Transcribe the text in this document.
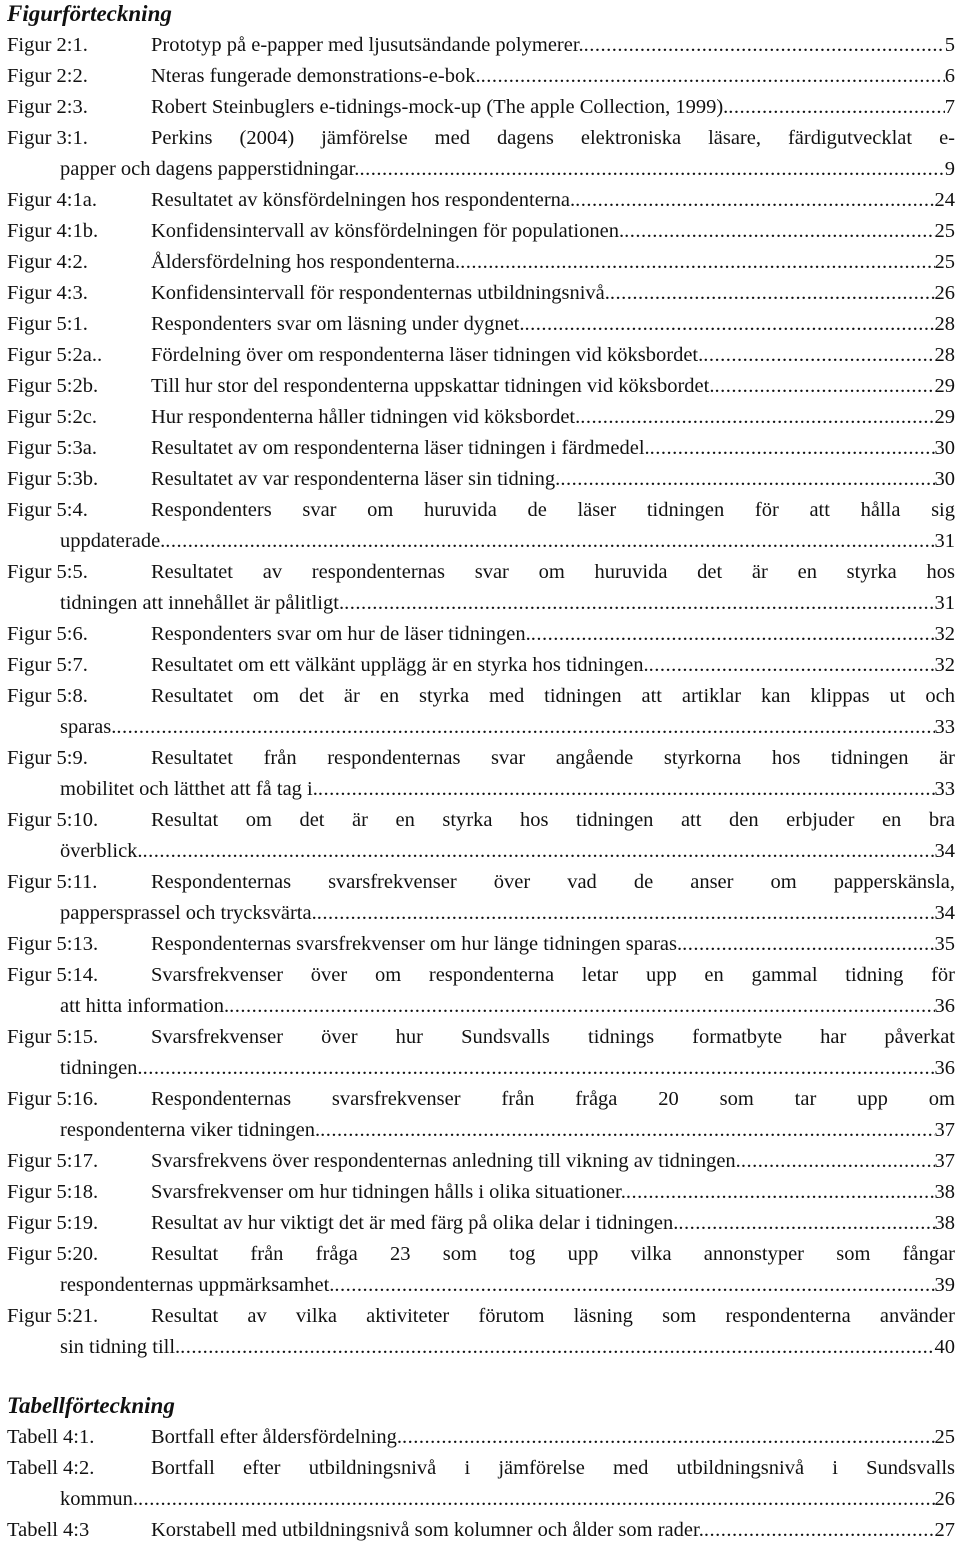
Figurförteckning
Figur 2:1.	Prototyp på e-papper med ljusutsändande polymerer. .....	5
Figur 2:2.	Nteras fungerade demonstrations-e-bok. .....	6
Figur 2:3.	Robert Steinbuglers e-tidnings-mock-up (The apple Collection, 1999). .....	7
Figur 3:1.	Perkins (2004) jämförelse med dagens elektroniska läsare, färdigutvecklat e-
papper och dagens papperstidningar. .....	9
Figur 4:1a.	Resultatet av könsfördelningen hos respondenterna. .....	24
Figur 4:1b.	Konfidensintervall av könsfördelningen för populationen. .....	25
Figur 4:2.	Åldersfördelning hos respondenterna. .....	25
Figur 4:3.	Konfidensintervall för respondenternas utbildningsnivå. .....	26
Figur 5:1.	Respondenters svar om läsning under dygnet. .....	28
Figur 5:2a.. Fördelning över om respondenterna läser tidningen vid köksbordet. .....	28
Figur 5:2b.	Till hur stor del respondenterna uppskattar tidningen vid köksbordet. .....	29
Figur 5:2c.	Hur respondenterna håller tidningen vid köksbordet. .....	29
Figur 5:3a.	Resultatet av om respondenterna läser tidningen i färdmedel. .....	30
Figur 5:3b.	Resultatet av var respondenterna läser sin tidning. .....	30
Figur 5:4.	Respondenters svar om huruvida de läser tidningen för att hålla sig
uppdaterade. .....	31
Figur 5:5.	Resultatet av respondenternas svar om huruvida det är en styrka hos
tidningen att innehållet är pålitligt. .....	31
Figur 5:6.	Respondenters svar om hur de läser tidningen. .....	32
Figur 5:7.	Resultatet om ett välkänt upplägg är en styrka hos tidningen. .....	32
Figur 5:8.	Resultatet om det är en styrka med tidningen att artiklar kan klippas ut och
sparas. .....	33
Figur 5:9.	Resultatet från respondenternas svar angående styrkorna hos tidningen är
mobilitet och lätthet att få tag i. .....	33
Figur 5:10.	Resultat om det är en styrka hos tidningen att den erbjuder en bra
överblick. .....	34
Figur 5:11.	Respondenternas svarsfrekvenser över vad de anser om papperskänsla,
pappersprassel och trycksvärta. .....	34
Figur 5:13.	Respondenternas svarsfrekvenser om hur länge tidningen sparas. .....	35
Figur 5:14.	Svarsfrekvenser över om respondenterna letar upp en gammal tidning för
att hitta information. .....	36
Figur 5:15.	Svarsfrekvenser över hur Sundsvalls tidnings formatbyte har påverkat
tidningen. .....	36
Figur 5:16.	Respondenternas svarsfrekvenser från fråga 20 som tar upp om
respondenterna viker tidningen. .....	37
Figur 5:17.	Svarsfrekvens över respondenternas anledning till vikning av tidningen. .....	37
Figur 5:18.	Svarsfrekvenser om hur tidningen hålls i olika situationer. .....	38
Figur 5:19.	Resultat av hur viktigt det är med färg på olika delar i tidningen. .....	38
Figur 5:20.	Resultat från fråga 23 som tog upp vilka annonstyper som fångar
respondenternas uppmärksamhet. .....	39
Figur 5:21.	Resultat av vilka aktiviteter förutom läsning som respondenterna använder
sin tidning till. .....	40
Tabellförteckning
Tabell 4:1.	Bortfall efter åldersfördelning. .....	25
Tabell 4:2.	Bortfall efter utbildningsnivå i jämförelse med utbildningsnivå i Sundsvalls
kommun. .....	26
Tabell 4:3	Korstabell med utbildningsnivå som kolumner och ålder som rader. .....	27
